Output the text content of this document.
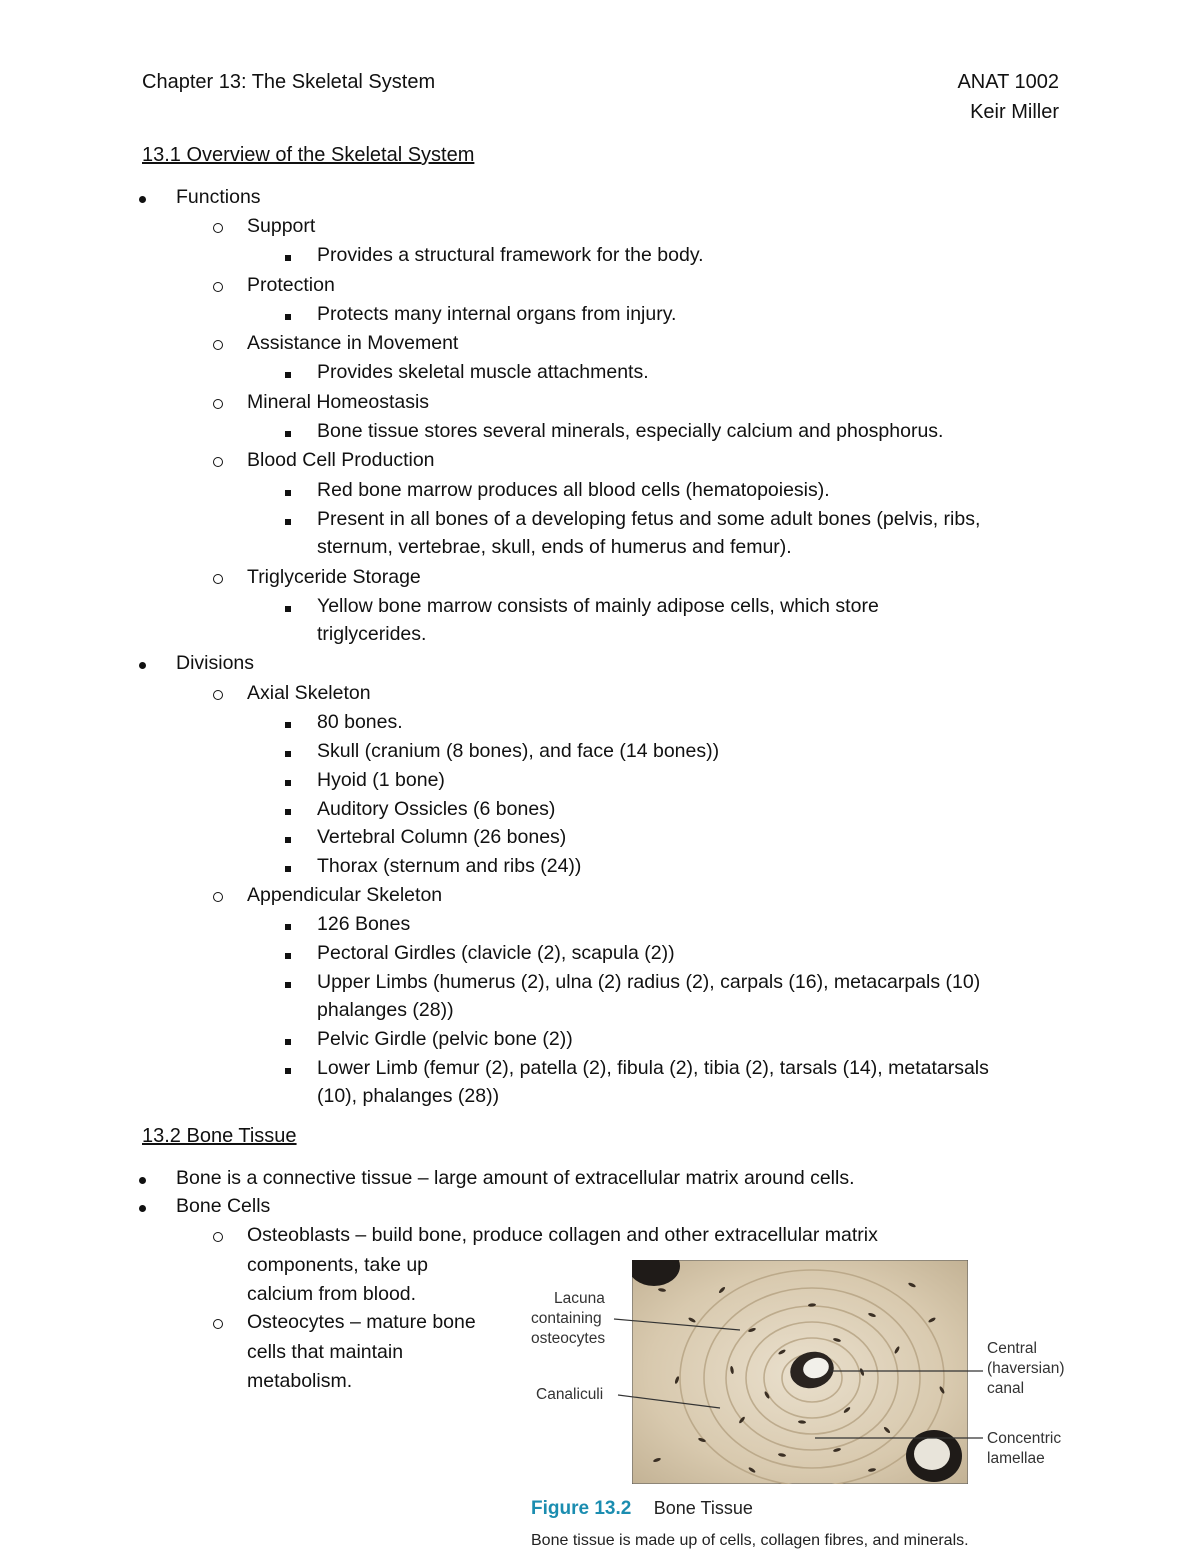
Chapter 13: The Skeletal System	ANAT 1002
Keir Miller
13.1 Overview of the Skeletal System
Functions
Support
Provides a structural framework for the body.
Protection
Protects many internal organs from injury.
Assistance in Movement
Provides skeletal muscle attachments.
Mineral Homeostasis
Bone tissue stores several minerals, especially calcium and phosphorus.
Blood Cell Production
Red bone marrow produces all blood cells (hematopoiesis).
Present in all bones of a developing fetus and some adult bones (pelvis, ribs,
sternum, vertebrae, skull, ends of humerus and femur).
Triglyceride Storage
Yellow bone marrow consists of mainly adipose cells, which store
triglycerides.
Divisions
Axial Skeleton
80 bones.
Skull (cranium (8 bones), and face (14 bones))
Hyoid (1 bone)
Auditory Ossicles (6 bones)
Vertebral Column (26 bones)
Thorax (sternum and ribs (24))
Appendicular Skeleton
126 Bones
Pectoral Girdles (clavicle (2), scapula (2))
Upper Limbs (humerus (2), ulna (2) radius (2), carpals (16), metacarpals (10)
phalanges (28))
Pelvic Girdle (pelvic bone (2))
Lower Limb (femur (2), patella (2), fibula (2), tibia (2), tarsals (14), metatarsals
(10), phalanges (28))
13.2 Bone Tissue
Bone is a connective tissue – large amount of extracellular matrix around cells.
Bone Cells
Osteoblasts – build bone, produce collagen and other extracellular matrix
components, take up
calcium from blood.
Osteocytes – mature bone
cells that maintain
metabolism.
Lacuna
containing
osteocytes
Canaliculi
Central
(haversian)
canal
Concentric
lamellae
Figure 13.2 Bone Tissue
Bone tissue is made up of cells, collagen fibres, and minerals.
